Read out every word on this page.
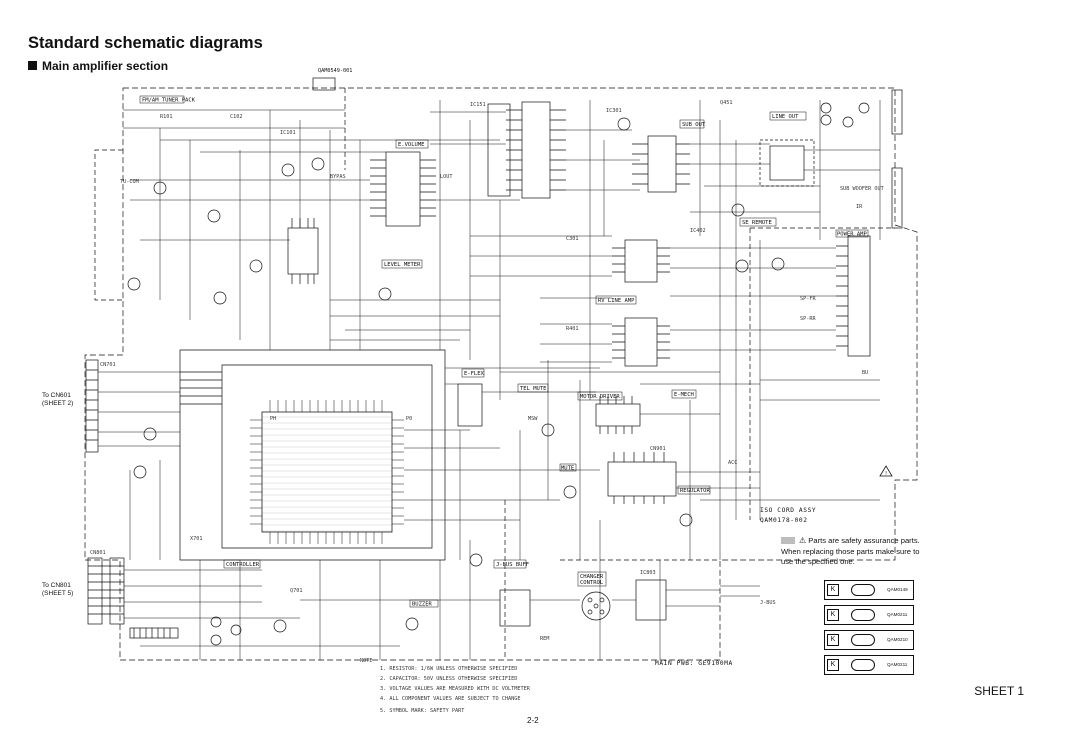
Standard schematic diagrams
Main amplifier section
FM/AM TUNER PACK
E.VOLUME
SUB OUT
LINE OUT
LEVEL METER
SE REMOTE
POWER AMP
RV LINE AMP
E-FLEX
TEL MUTE
MOTOR DRIVER	E-MECH
MUTE
REGULATOR
CONTROLLER	J-BUS BUFF
CHANGER CONTROL
BUZZER
QAM0549-001
R101	C102
IC101
TU-COM
BYPAS	LOUT
IC151
IC301
Q451
SUB WOOFER OUT
IR
C301
R401
IC402
SP-FR
SP-RR
BU
CN701
PH	P0	MSW
CN901
ACC
CN801
X701
Q701
IC803
REM
J-BUS
NOTE
1. RESISTOR: 1/6W UNLESS OTHERWISE SPECIFIED
2. CAPACITOR: 50V UNLESS OTHERWISE SPECIFIED
3. VOLTAGE VALUES ARE MEASURED WITH DC VOLTMETER
4. ALL COMPONENT VALUES ARE SUBJECT TO CHANGE
5. SYMBOL MARK: SAFETY PART
!
To CN601
(SHEET 2)
To CN801
(SHEET 5)
ISO CORD ASSY
QAM0178-002
MAIN PWB: GE9100MA
⚠ Parts are safety assurance parts. When replacing those parts make sure to use the specified one.
K	QAM0149
K	QAM0211
K	QAM0210
K	QAM0211
SHEET 1
2-2
